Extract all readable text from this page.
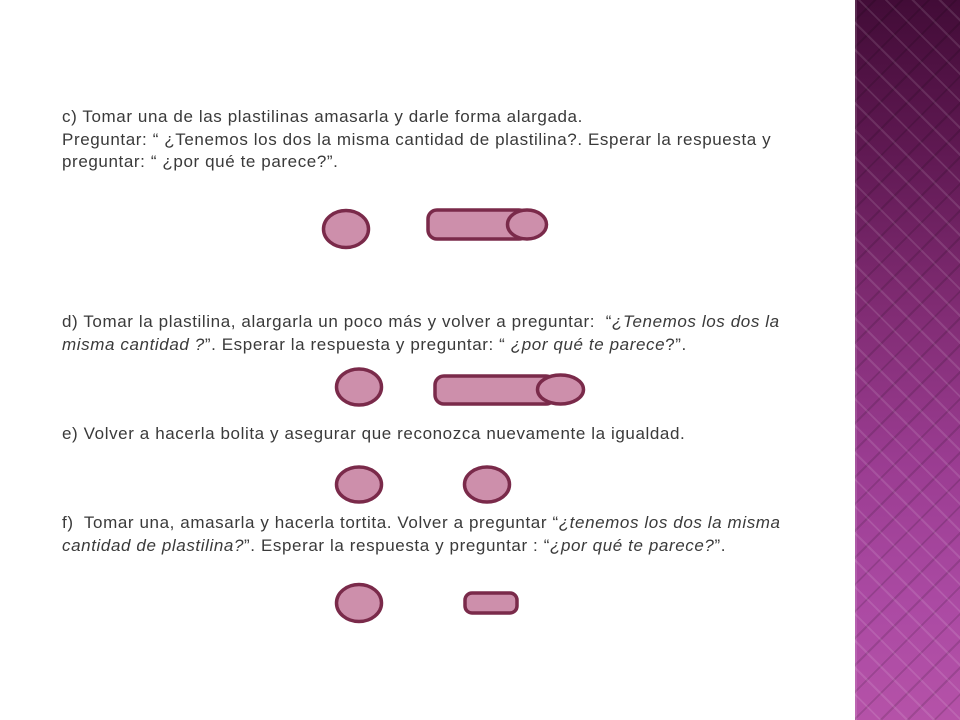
c) Tomar una de las plastilinas amasarla y darle forma alargada.
Preguntar: “ ¿Tenemos los dos la misma cantidad de plastilina?. Esperar la respuesta y
preguntar: “ ¿por qué te parece?”.
d) Tomar la plastilina, alargarla un poco más y volver a preguntar:  “¿Tenemos los dos la
misma cantidad ?”. Esperar la respuesta y preguntar: “ ¿por qué te parece?”.
e) Volver a hacerla bolita y asegurar que reconozca nuevamente la igualdad.
f)  Tomar una, amasarla y hacerla tortita. Volver a preguntar “¿tenemos los dos la misma
cantidad de plastilina?”. Esperar la respuesta y preguntar : “¿por qué te parece?”.
